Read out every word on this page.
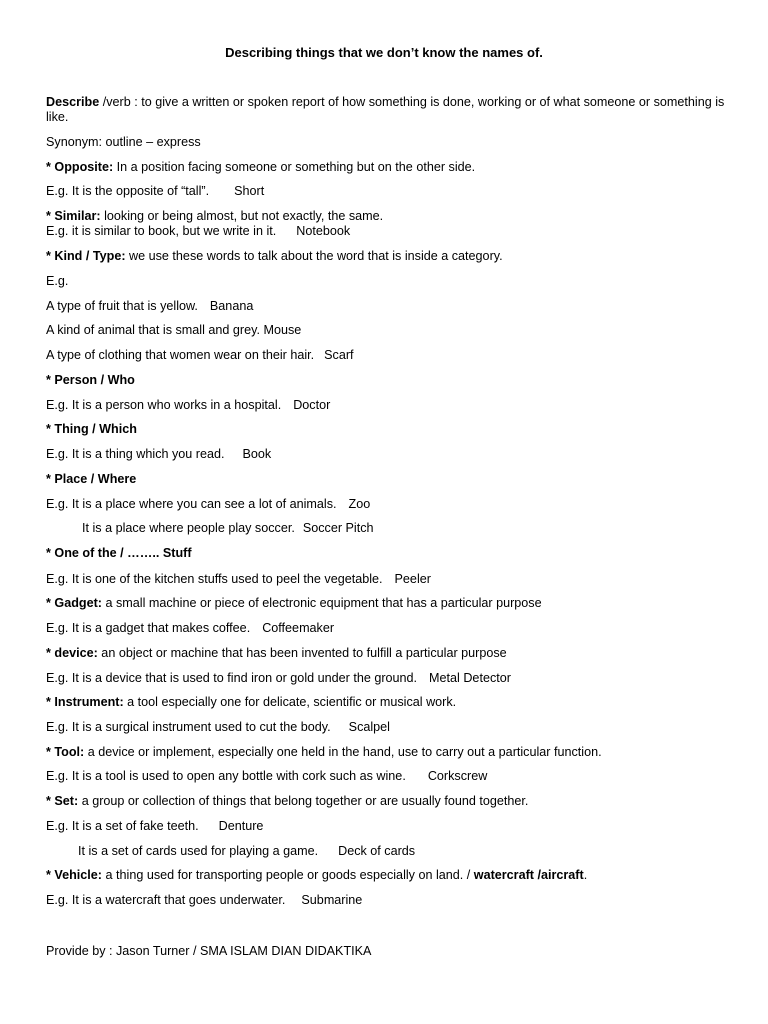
Describing things that we don’t know the names of.
Describe /verb : to give a written or spoken report of how something is done, working or of what someone or something is like.
Synonym: outline – express
* Opposite: In a position facing someone or something but on the other side.
E.g. It is the opposite of “tall”. Short
* Similar: looking or being almost, but not exactly, the same.
E.g. it is similar to book, but we write in it. Notebook
* Kind / Type: we use these words to talk about the word that is inside a category.
E.g.
A type of fruit that is yellow. Banana
A kind of animal that is small and grey. Mouse
A type of clothing that women wear on their hair. Scarf
* Person / Who
E.g. It is a person who works in a hospital. Doctor
* Thing / Which
E.g. It is a thing which you read. Book
* Place / Where
E.g. It is a place where you can see a lot of animals. Zoo
It is a place where people play soccer. Soccer Pitch
* One of the / …….. Stuff
E.g. It is one of the kitchen stuffs used to peel the vegetable. Peeler
* Gadget: a small machine or piece of electronic equipment that has a particular purpose
E.g. It is a gadget that makes coffee. Coffeemaker
* device: an object or machine that has been invented to fulfill a particular purpose
E.g. It is a device that is used to find iron or gold under the ground. Metal Detector
* Instrument: a tool especially one for delicate, scientific or musical work.
E.g. It is a surgical instrument used to cut the body. Scalpel
* Tool: a device or implement, especially one held in the hand, use to carry out a particular function.
E.g. It is a tool is used to open any bottle with cork such as wine. Corkscrew
* Set: a group or collection of things that belong together or are usually found together.
E.g. It is a set of fake teeth. Denture
It is a set of cards used for playing a game. Deck of cards
* Vehicle: a thing used for transporting people or goods especially on land. / watercraft /aircraft.
E.g. It is a watercraft that goes underwater. Submarine
Provide by : Jason Turner / SMA ISLAM DIAN DIDAKTIKA
